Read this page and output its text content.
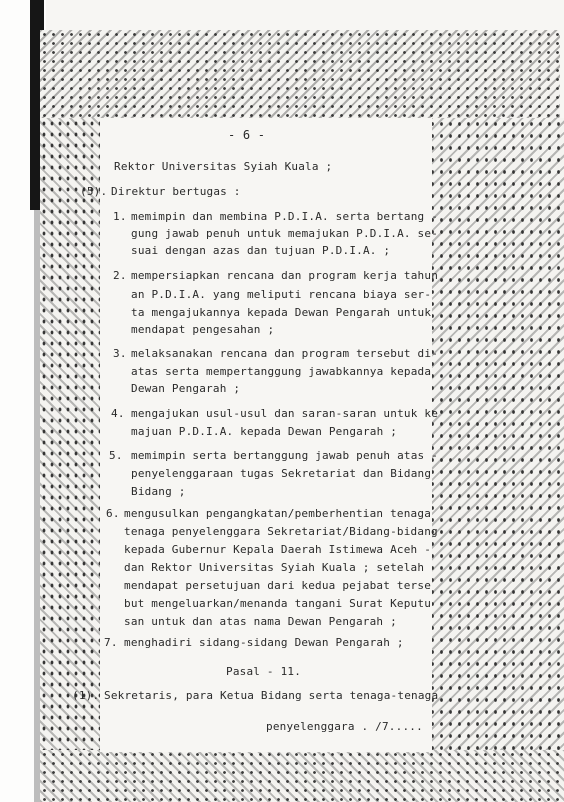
- 6 -
Rektor Universitas Syiah Kuala ;
(5). Direktur bertugas :
1. memimpin dan membina P.D.I.A. serta bertang -
gung jawab penuh untuk memajukan P.D.I.A. se-
suai dengan azas dan tujuan P.D.I.A. ;
2. mempersiapkan rencana dan program kerja tahun
an P.D.I.A. yang meliputi rencana biaya ser-
ta mengajukannya kepada Dewan Pengarah untuk
mendapat pengesahan ;
3. melaksanakan rencana dan program tersebut di-
atas serta mempertanggung jawabkannya kepada
Dewan Pengarah ;
4. mengajukan usul-usul dan saran-saran untuk ke
majuan P.D.I.A. kepada Dewan Pengarah ;
5. memimpin serta bertanggung jawab penuh atas -
penyelenggaraan tugas Sekretariat dan Bidang
Bidang ;
6. mengusulkan pengangkatan/pemberhentian tenaga
tenaga penyelenggara Sekretariat/Bidang-bidang
kepada Gubernur Kepala Daerah Istimewa Aceh -
dan Rektor Universitas Syiah Kuala ; setelah
mendapat persetujuan dari kedua pejabat terse
but mengeluarkan/menanda tangani Surat Keputu
san untuk dan atas nama Dewan Pengarah ;
7. menghadiri sidang-sidang Dewan Pengarah ;
Pasal - 11.
(1). Sekretaris, para Ketua Bidang serta tenaga-tenaga
penyelenggara . /7.....
